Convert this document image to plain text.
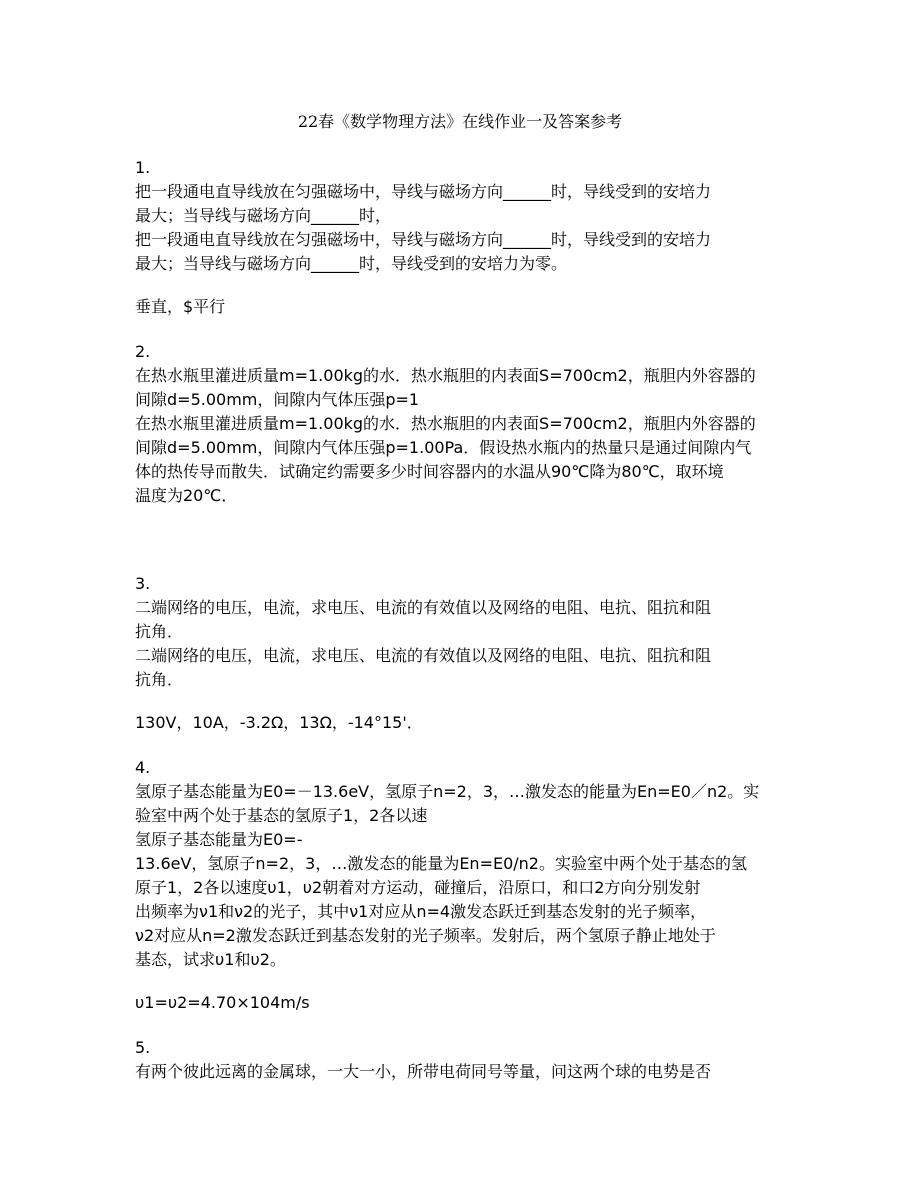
22春《数学物理方法》在线作业一及答案参考
1.
把一段通电直导线放在匀强磁场中，导线与磁场方向______时，导线受到的安培力
最大；当导线与磁场方向______时，
把一段通电直导线放在匀强磁场中，导线与磁场方向______时，导线受到的安培力
最大；当导线与磁场方向______时，导线受到的安培力为零。
垂直，$平行
2.
在热水瓶里灌进质量m=1.00kg的水．热水瓶胆的内表面S=700cm2，瓶胆内外容器的
间隙d=5.00mm，间隙内气体压强p=1
在热水瓶里灌进质量m=1.00kg的水．热水瓶胆的内表面S=700cm2，瓶胆内外容器的
间隙d=5.00mm，间隙内气体压强p=1.00Pa．假设热水瓶内的热量只是通过间隙内气
体的热传导而散失．试确定约需要多少时间容器内的水温从90℃降为80℃，取环境
温度为20℃．
3.
二端网络的电压，电流，求电压、电流的有效值以及网络的电阻、电抗、阻抗和阻
抗角．
二端网络的电压，电流，求电压、电流的有效值以及网络的电阻、电抗、阻抗和阻
抗角．
130V，10A，-3.2Ω，13Ω，-14°15'．
4.
氢原子基态能量为E0=－13.6eV，氢原子n=2，3，…激发态的能量为En=E0／n2。实
验室中两个处于基态的氢原子1，2各以速
氢原子基态能量为E0=-
13.6eV，氢原子n=2，3，…激发态的能量为En=E0/n2。实验室中两个处于基态的氢
原子1，2各以速度υ1，υ2朝着对方运动，碰撞后，沿原口，和口2方向分别发射
出频率为ν1和ν2的光子，其中ν1对应从n=4激发态跃迁到基态发射的光子频率，
ν2对应从n=2激发态跃迁到基态发射的光子频率。发射后，两个氢原子静止地处于
基态，试求υ1和υ2。
υ1=υ2=4.70×104m/s
5.
有两个彼此远离的金属球，一大一小，所带电荷同号等量，问这两个球的电势是否
